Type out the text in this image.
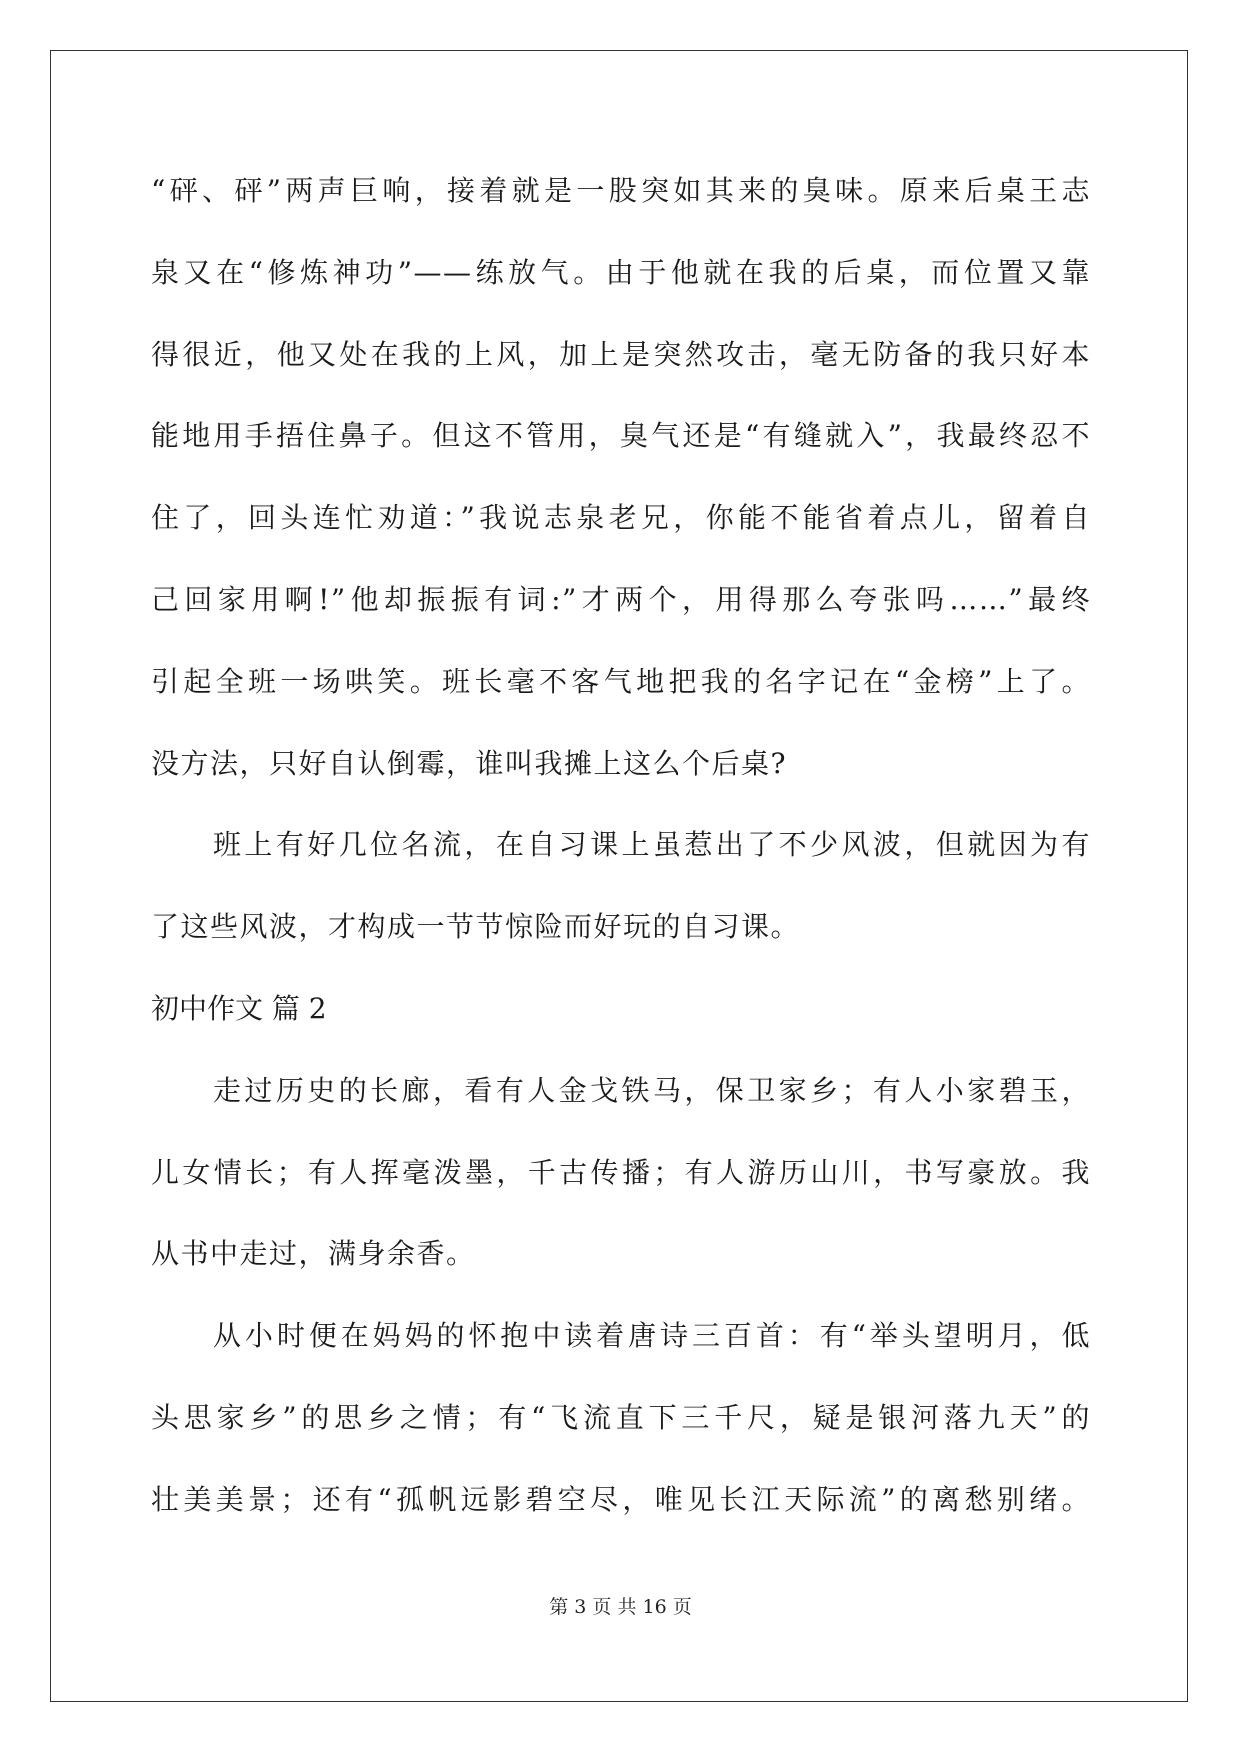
“砰、砰”两声巨响，接着就是一股突如其来的臭味。原来后桌王志
泉又在“修炼神功”——练放气。由于他就在我的后桌，而位置又靠
得很近，他又处在我的上风，加上是突然攻击，毫无防备的我只好本
能地用手捂住鼻子。但这不管用，臭气还是“有缝就入”，我最终忍不
住了，回头连忙劝道：”我说志泉老兄，你能不能省着点儿，留着自
己回家用啊!”他却振振有词:”才两个，用得那么夸张吗……”最终
引起全班一场哄笑。班长毫不客气地把我的名字记在“金榜”上了。
没方法，只好自认倒霉，谁叫我摊上这么个后桌?
班上有好几位名流，在自习课上虽惹出了不少风波，但就因为有
了这些风波，才构成一节节惊险而好玩的自习课。
初中作文 篇 2
走过历史的长廊，看有人金戈铁马，保卫家乡；有人小家碧玉，
儿女情长；有人挥毫泼墨，千古传播；有人游历山川，书写豪放。我
从书中走过，满身余香。
从小时便在妈妈的怀抱中读着唐诗三百首：有“举头望明月，低
头思家乡”的思乡之情；有“飞流直下三千尺，疑是银河落九天”的
壮美美景；还有“孤帆远影碧空尽，唯见长江天际流”的离愁别绪。
第 3 页 共 16 页
